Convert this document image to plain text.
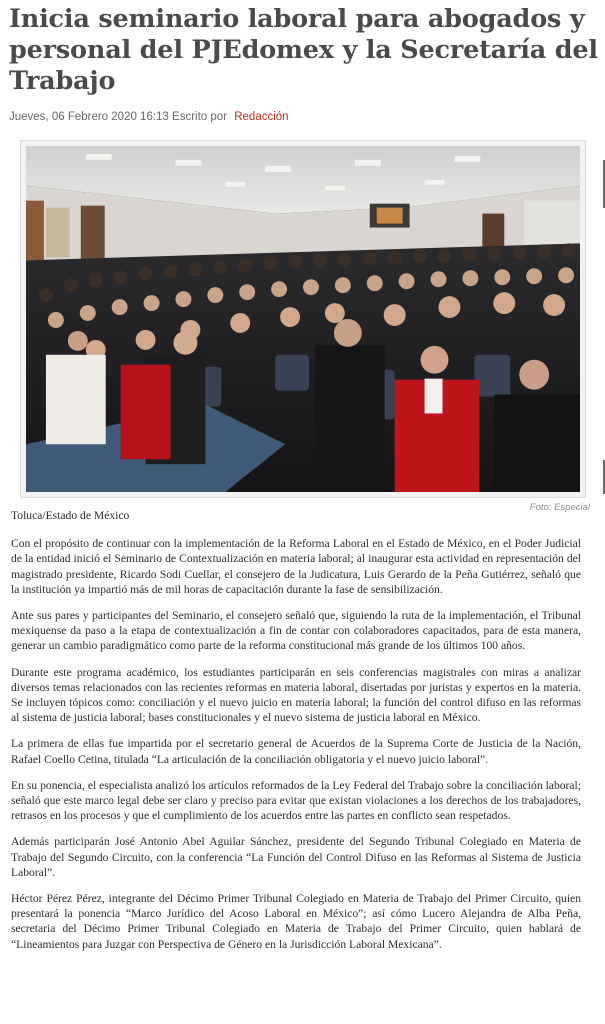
Inicia seminario laboral para abogados y personal del PJEdomex y la Secretaría del Trabajo
Jueves, 06 Febrero 2020 16:13 Escrito por Redacción
Foto: Especial

Toluca/Estado de México

Con el propósito de continuar con la implementación de la Reforma Laboral en el Estado de México, en el Poder Judicial de la entidad inició el Seminario de Contextualización en materia laboral; al inaugurar esta actividad en representación del magistrado presidente, Ricardo Sodi Cuellar, el consejero de la Judicatura, Luis Gerardo de la Peña Gutiérrez, señaló que la institución ya impartió más de mil horas de capacitación durante la fase de sensibilización.

Ante sus pares y participantes del Seminario, el consejero señaló que, siguiendo la ruta de la implementación, el Tribunal mexiquense da paso a la etapa de contextualización a fin de contar con colaboradores capacitados, para de esta manera, generar un cambio paradigmático como parte de la reforma constitucional más grande de los últimos 100 años.

Durante este programa académico, los estudiantes participarán en seis conferencias magistrales con miras a analizar diversos temas relacionados con las recientes reformas en materia laboral, disertadas por juristas y expertos en la materia. Se incluyen tópicos como: conciliación y el nuevo juicio en materia laboral; la función del control difuso en las reformas al sistema de justicia laboral; bases constitucionales y el nuevo sistema de justicia laboral en México.

La primera de ellas fue impartida por el secretario general de Acuerdos de la Suprema Corte de Justicia de la Nación, Rafael Coello Cetina, titulada “La articulación de la conciliación obligatoria y el nuevo juicio laboral”.

En su ponencia, el especialista analizó los artículos reformados de la Ley Federal del Trabajo sobre la conciliación laboral; señaló que este marco legal debe ser claro y preciso para evitar que existan violaciones a los derechos de los trabajadores, retrasos en los procesos y que el cumplimiento de los acuerdos entre las partes en conflicto sean respetados.

Además participarán José Antonio Abel Aguilar Sánchez, presidente del Segundo Tribunal Colegiado en Materia de Trabajo del Segundo Circuito, con la conferencia “La Función del Control Difuso en las Reformas al Sistema de Justicia Laboral”.

Héctor Pérez Pérez, integrante del Décimo Primer Tribunal Colegiado en Materia de Trabajo del Primer Circuito, quien presentará la ponencia “Marco Jurídico del Acoso Laboral en México”; así cómo Lucero Alejandra de Alba Peña, secretaria del Décimo Primer Tribunal Colegiado en Materia de Trabajo del Primer Circuito, quien hablará de “Lineamientos para Juzgar con Perspectiva de Género en la Jurisdicción Laboral Mexicana”.
